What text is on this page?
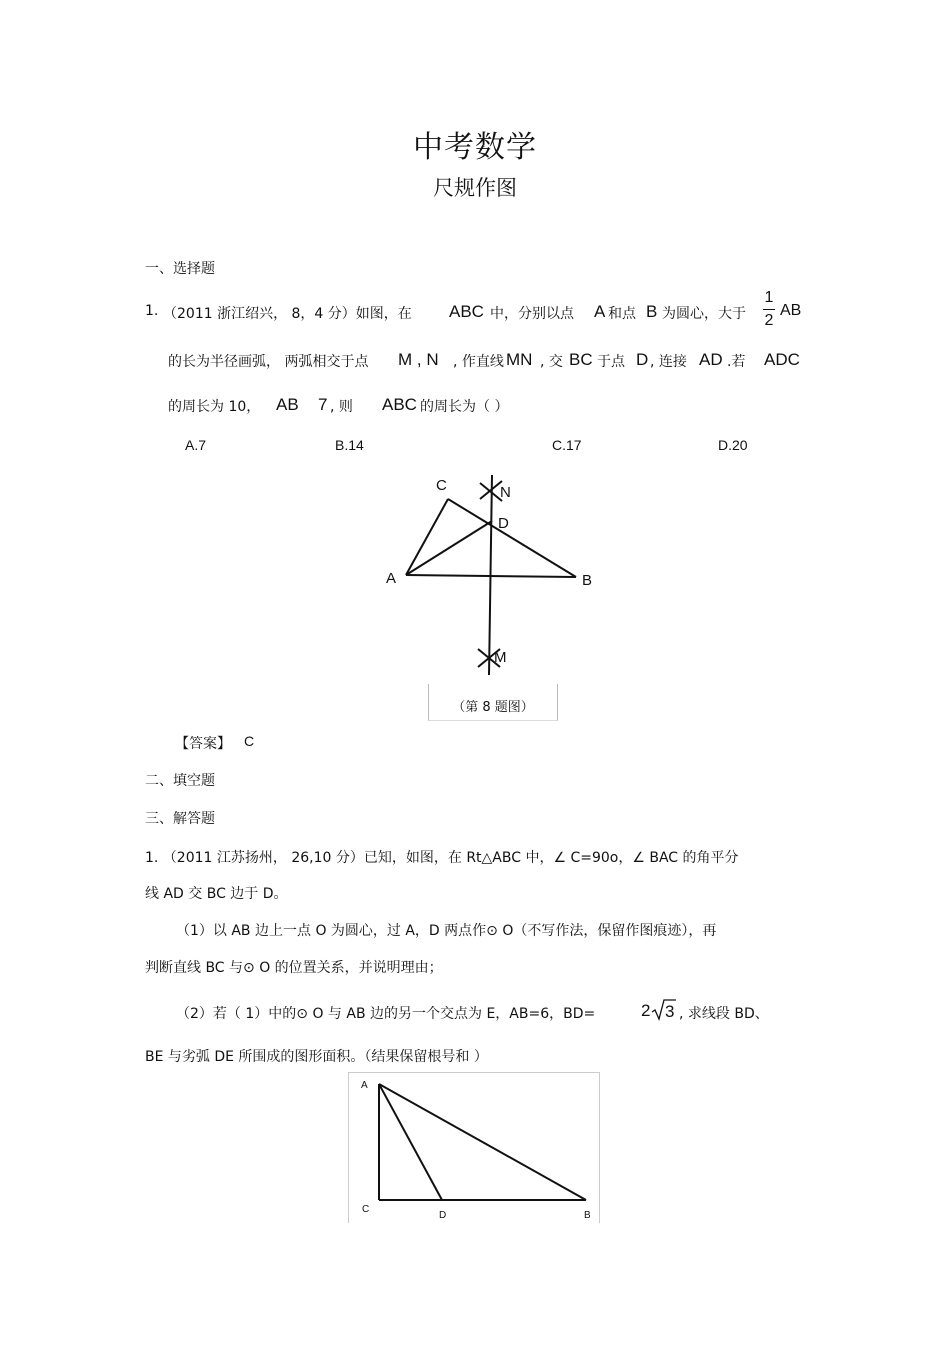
中考数学
尺规作图
一、选择题
1. （2011 浙江绍兴， 8，4 分）如图，在 ABC 中，分别以点 A 和点 B 为圆心，大于
1
2
AB
的长为半径画弧， 两弧相交于点 M , N , 作直线 MN , 交 BC 于点 D , 连接 AD .若 ADC
的周长为 10， AB 7 , 则 ABC 的周长为（ ）
A.7	B.14	C.17	D.20
C	N
D
A	B
M
（第 8 题图）
【答案】 C
二、填空题
三、解答题
1. （2011 江苏扬州， 26,10 分）已知，如图，在 Rt△ABC 中，∠ C=90o，∠ BAC 的角平分
线 AD 交 BC 边于 D。
（1）以 AB 边上一点 O 为圆心，过 A，D 两点作⊙ O（不写作法，保留作图痕迹），再
判断直线 BC 与⊙ O 的位置关系，并说明理由；
（2）若（ 1）中的⊙ O 与 AB 边的另一个交点为 E，AB=6，BD=	2 3 , 求线段 BD、
BE 与劣弧 DE 所围成的图形面积。（结果保留根号和 ）
A
C
D	B
